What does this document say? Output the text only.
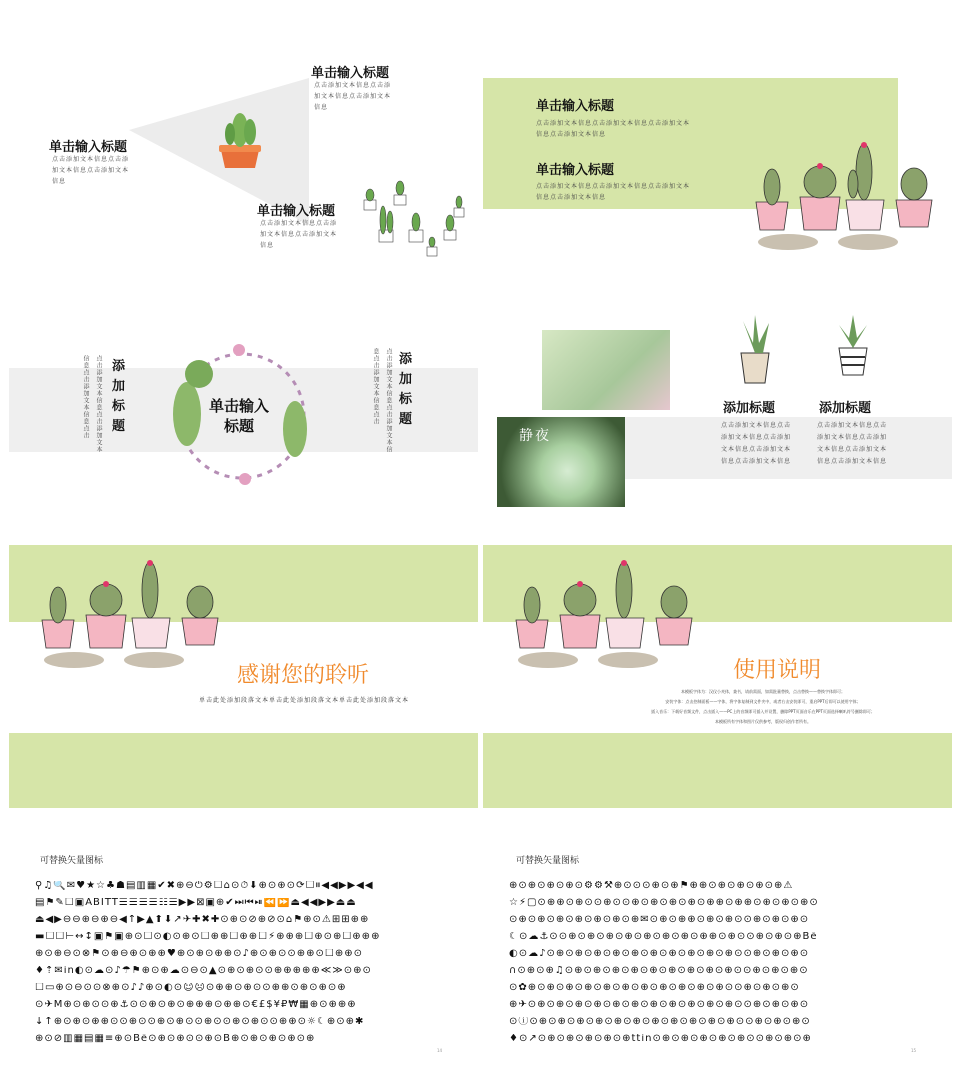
单击输入标题
点击添加文本信息点击添加文本信息点击添加文本信息
单击输入标题
点击添加文本信息点击添加文本信息点击添加文本信息
单击输入标题
点击添加文本信息点击添加文本信息点击添加文本信息
单击输入标题
点击添加文本信息点击添加文本信息点击添加文本信息点击添加文本信息
单击输入标题
点击添加文本信息点击添加文本信息点击添加文本信息点击添加文本信息
单击输入标题
添加标题
点击添加文本信息点击添加文本信息点击添加文本信息点击	添加标题
点击添加文本信息点击添加文本信息点击添加文本信息点击
静夜
添加标题	添加标题
点击添加文本信息点击添加文本信息点击添加文本信息点击添加文本信息点击添加文本信息
点击添加文本信息点击添加文本信息点击添加文本信息点击添加文本信息点击添加文本信息
感谢您的聆听
单击此处添加段落文本单击此处添加段落文本单击此处添加段落文本
使用说明
本模板字体为：汉仪小麦体，兼书，请前需面，如需批量替换，点击替换——替换字体即可；
安装字体：点击控制面板——字体，将字体复制到文件夹中，或者右击安装即可，重启PPT后即可以使用字体；
插入音乐：下载好音频文件，点击插入——PC上的音频即可插入并设置，删除PPT页面音乐在PPT页面选择喇叭符号删除即可；
本模板所有字体和图片仅供参考，版权归创作者所有。
可替换矢量图标
⚲♫🔍✉♥★☆♣☗▤▥▦✔✖⊕⊖⏻⚙☐⌂⊙⏱⬇⊕⊙⊕⊙⟳☐⏸◀◀▶▶◀◀
▤⚑✎☐▣ABITT☰☰☰☰☷☰▶▶⊠▣⊕✔⏭⏮⏯⏪⏩⏏◀◀▶▶⏏⏏
⏏◀▶⊖⊖⊕⊖⊕⊖◀↑▶▲⬆⬇↗✈✚✖✚⊙⊕⊙⊘⊕⊘⊙⌂⚑⊕⊙⚠⊞⊞⊕⊕
▬☐☐⊢↔↕▣⚑▣⊕⊙☐⊙◐⊙⊕⊙☐⊕⊕☐⊕⊕☐⚡⊕⊕⊕☐⊕⊙⊕☐⊕⊕⊕
⊕⊙⊕⊖⊙⊗⚑⊙⊕⊖⊕⊙⊕⊕♥⊕⊙⊕⊙⊕⊕⊙♪⊕⊙⊕⊙⊙⊕⊕⊙☐⊕⊕⊙
♦⇡✉in◐⊙☁⊙♪☂⚑⊕⊙⊕☁⊙⊖⊙▲⊙⊕⊙⊕⊙⊙⊕⊕⊕⊕⊕≪≫⊙⊕⊙
☐▭⊕⊙⊖⊙⊙⊗⊕⊙♪♪⊕⊙◐⊙☺☹⊙⊕⊕⊙⊕⊙⊙⊕⊕⊙⊕⊙⊕⊙⊕
⊙✈M⊕⊙⊕⊙⊙⊕⚓⊙⊙⊕⊙⊕⊙⊕⊕⊕⊙⊕⊕⊙€£$¥₽₩▦⊕⊙⊕⊕⊕
↓↑⊕⊙⊕⊙⊕⊕⊙⊙⊕⊙⊙⊕⊙⊕⊙⊙⊕⊙⊙⊕⊙⊕⊙⊙⊕⊕⊙☼☾⊕⊙⊕✱
⊕⊙⊘▥▦▤▦≡⊕⊙Bē⊙⊕⊙⊕⊙⊙⊕⊙B⊕⊙⊕⊙⊕⊙⊕⊙⊕
14
可替换矢量图标
⊕⊙⊕⊙⊕⊙⊕⊙⚙⚙⚒⊕⊙⊙⊙⊕⊙⊕⚑⊕⊕⊙⊕⊙⊕⊙⊕⊙⊕⚠
☆⚡▢⊙⊕⊕⊙⊕⊙⊙⊕⊙⊙⊕⊙⊕⊙⊕⊙⊕⊙⊕⊕⊙⊕⊕⊙⊕⊙⊕⊙⊕⊙
⊙⊕⊙⊕⊙⊕⊙⊕⊙⊕⊙⊕⊙⊕✉⊙⊕⊙⊕⊕⊙⊕⊙⊕⊙⊙⊕⊙⊕⊙⊕⊙
☾⊙☁⚓⊙⊙⊕⊙⊕⊙⊕⊙⊕⊙⊕⊙⊕⊙⊕⊙⊕⊕⊙⊕⊙⊙⊕⊙⊕⊙⊕Bē
◐⊙☁♪⊙⊕⊙⊕⊙⊕⊙⊕⊙⊕⊙⊕⊙⊕⊙⊕⊙⊕⊙⊕⊙⊙⊕⊙⊕⊙⊕⊙
∩⊙⊕⊙⊕♫⊙⊕⊙⊕⊙⊕⊙⊕⊙⊕⊙⊕⊙⊕⊙⊕⊙⊕⊙⊙⊕⊙⊕⊙⊕⊙
⊙✿⊕⊙⊕⊙⊕⊙⊕⊙⊕⊙⊕⊙⊕⊙⊕⊙⊕⊙⊕⊙⊕⊙⊙⊕⊙⊕⊙⊕⊙
⊕✈⊙⊕⊙⊕⊙⊕⊙⊕⊙⊕⊙⊕⊙⊕⊙⊕⊙⊕⊙⊕⊙⊕⊙⊙⊕⊙⊕⊙⊕⊙
⊙ⓘ⊙⊕⊙⊕⊙⊕⊙⊕⊙⊕⊙⊕⊙⊕⊙⊕⊙⊕⊙⊕⊙⊕⊙⊙⊕⊙⊕⊙⊕⊙
♦⊙↗⊙⊕⊙⊕⊙⊕⊙⊕⊙⊕ttin⊙⊕⊙⊕⊙⊕⊙⊕⊙⊕⊙⊙⊕⊙⊕⊙⊕
15
